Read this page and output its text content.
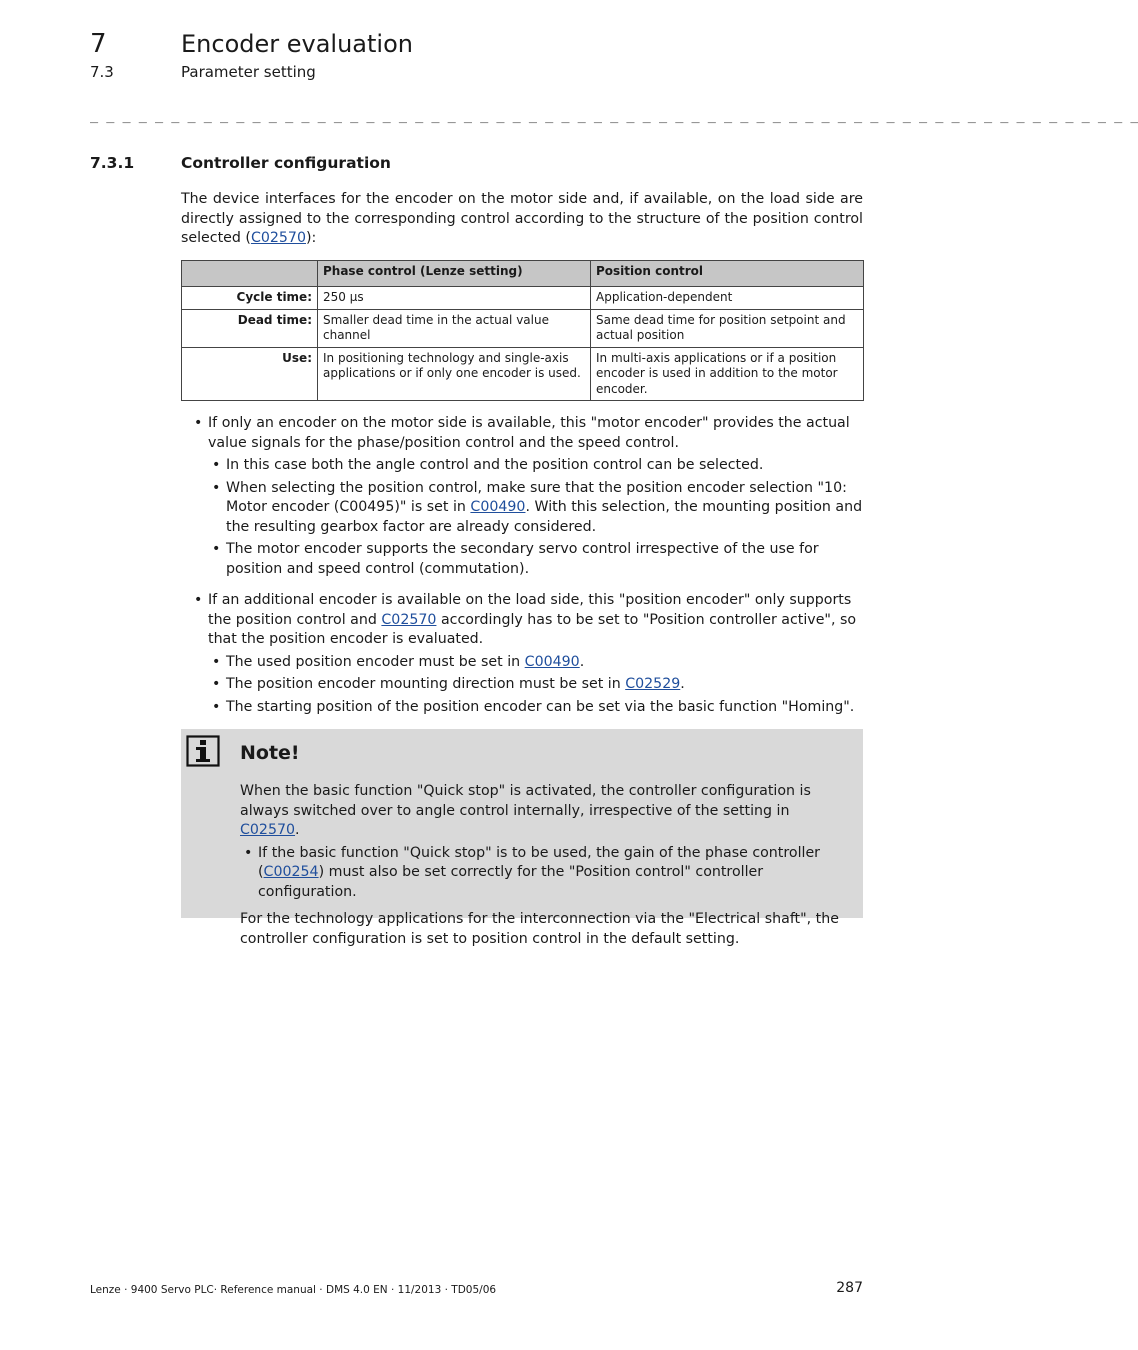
7	Encoder evaluation
7.3	Parameter setting
_ _ _ _ _ _ _ _ _ _ _ _ _ _ _ _ _ _ _ _ _ _ _ _ _ _ _ _ _ _ _ _ _ _ _ _ _ _ _ _ _ _ _ _ _ _ _ _ _ _ _ _ _ _ _ _ _ _ _ _ _ _ _ _ _
7.3.1	Controller configuration
The device interfaces for the encoder on the motor side and, if available, on the load side are directly assigned to the corresponding control according to the structure of the position control selected (C02570):
	Phase control (Lenze setting)	Position control
Cycle time:	250 µs	Application-dependent
Dead time:	Smaller dead time in the actual value channel	Same dead time for position setpoint and actual position
Use:	In positioning technology and single-axis applications or if only one encoder is used.	In multi-axis applications or if a position encoder is used in addition to the motor encoder.
• If only an encoder on the motor side is available, this "motor encoder" provides the actual value signals for the phase/position control and the speed control.
• In this case both the angle control and the position control can be selected.
• When selecting the position control, make sure that the position encoder selection "10: Motor encoder (C00495)" is set in C00490. With this selection, the mounting position and the resulting gearbox factor are already considered.
• The motor encoder supports the secondary servo control irrespective of the use for position and speed control (commutation).
• If an additional encoder is available on the load side, this "position encoder" only supports the position control and C02570 accordingly has to be set to "Position controller active", so that the position encoder is evaluated.
• The used position encoder must be set in C00490.
• The position encoder mounting direction must be set in C02529.
• The starting position of the position encoder can be set via the basic function "Homing".
Note!

When the basic function "Quick stop" is activated, the controller configuration is always switched over to angle control internally, irrespective of the setting in C02570.

• If the basic function "Quick stop" is to be used, the gain of the phase controller (C00254) must also be set correctly for the "Position control" controller configuration.

For the technology applications for the interconnection via the "Electrical shaft", the controller configuration is set to position control in the default setting.

Lenze · 9400 Servo PLC· Reference manual · DMS 4.0 EN · 11/2013 · TD05/06	287
